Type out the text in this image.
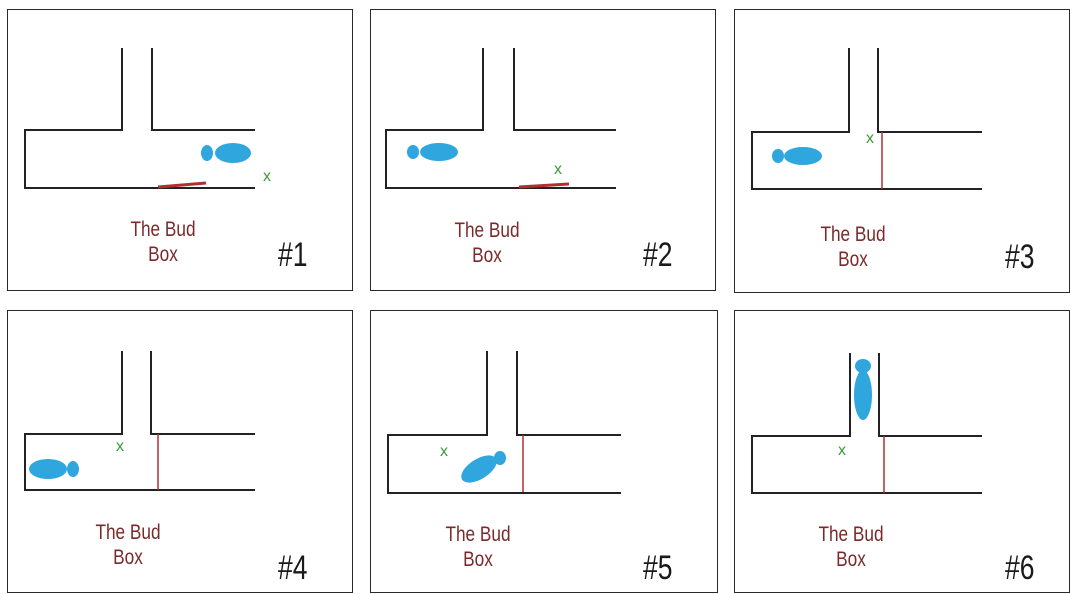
x
The Bud
Box	#1
x
The Bud
Box	#2
x
The Bud
Box	#3
x
The Bud
Box	#4
x
The Bud
Box	#5
x
The Bud
Box	#6
